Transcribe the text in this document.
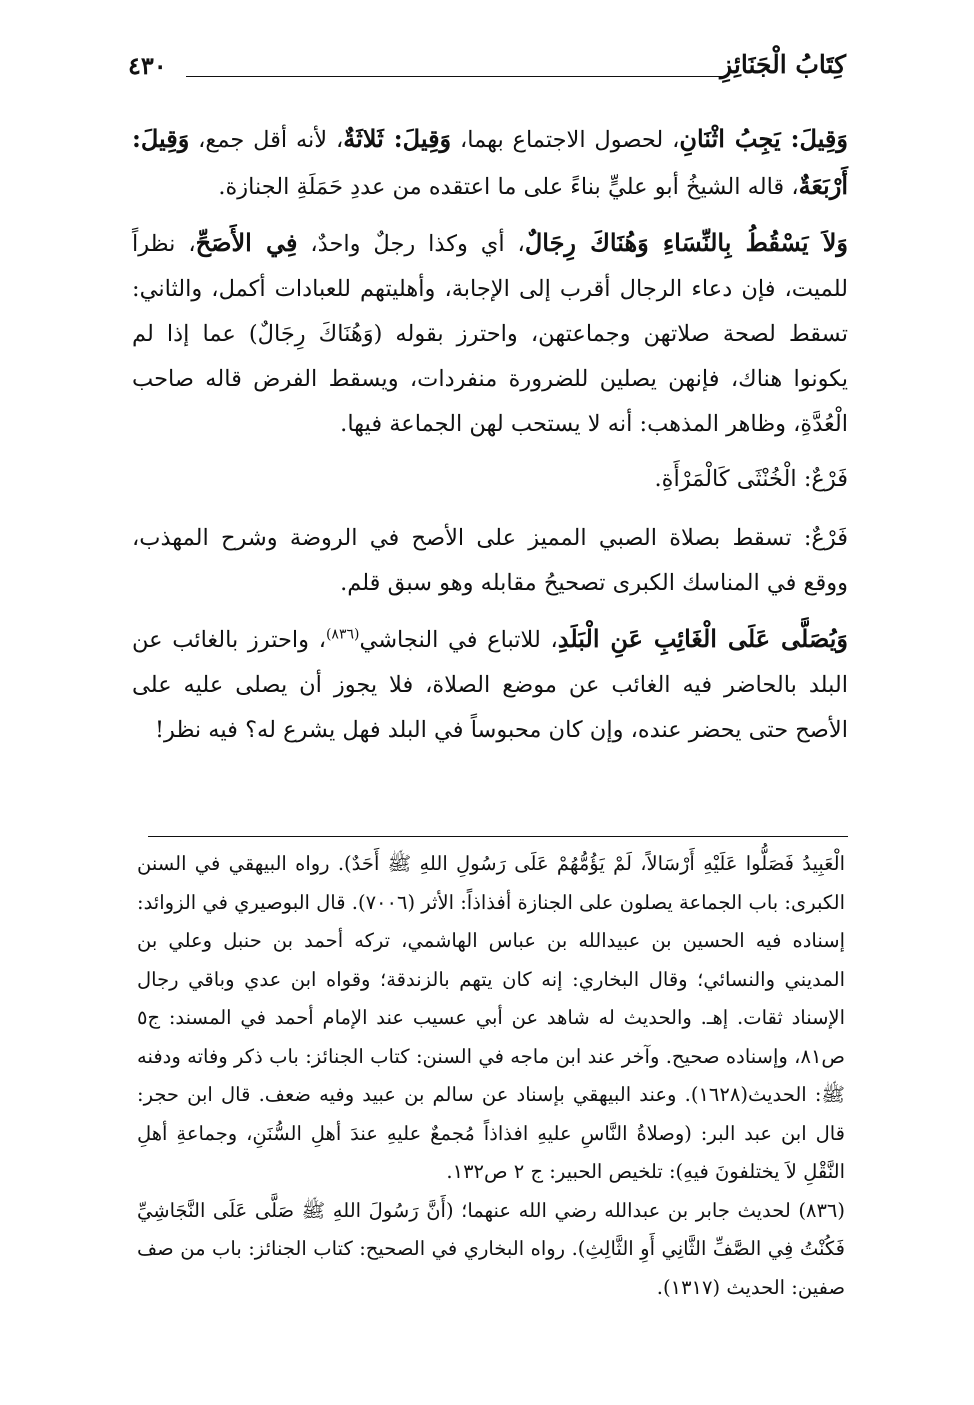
كِتَابُ الْجَنَائِزِ
٤٣٠

وَقِيلَ: يَجِبُ اثْنَانِ، لحصول الاجتماع بهما، وَقِيلَ: ثَلاثَةٌ، لأنه أقل جمع، وَقِيلَ: أَرْبَعَةٌ، قاله الشيخُ أبو عليٍّ بناءً على ما اعتقده من عددِ حَمَلَةِ الجنازة.

وَلاَ يَسْقُطُ بِالنِّسَاءِ وَهُنَاكَ رِجَالٌ، أي وكذا رجلٌ واحدٌ، فِي الأَصَحِّ، نظراً للميت، فإن دعاء الرجال أقرب إلى الإجابة، وأهليتهم للعبادات أكمل، والثاني: تسقط لصحة صلاتهن وجماعتهن، واحترز بقوله (وَهُنَاكَ رِجَالٌ) عما إذا لم يكونوا هناك، فإنهن يصلين للضرورة منفردات، ويسقط الفرض قاله صاحب الْعُدَّةِ، وظاهر المذهب: أنه لا يستحب لهن الجماعة فيها.

فَرْعٌ: الْخُنْثَى كَالْمَرْأَةِ.

فَرْعٌ: تسقط بصلاة الصبي المميز على الأصح في الروضة وشرح المهذب، ووقع في المناسك الكبرى تصحيحُ مقابله وهو سبق قلم.

وَيُصَلَّى عَلَى الْغَائِبِ عَنِ الْبَلَدِ، للاتباع في النجاشي$^{(٨٣٦)}$، واحترز بالغائب عن البلد بالحاضر فيه الغائب عن موضع الصلاة، فلا يجوز أن يصلى عليه على الأصح حتى يحضر عنده، وإن كان محبوساً في البلد فهل يشرع له؟ فيه نظر!

الْعَبِيدُ فَصَلُّوا عَلَيْهِ أَرْسَالاً، لَمْ يَؤُمُّهُمْ عَلَى رَسُولِ اللهِ ﷺ أَحَدٌ). رواه البيهقي في السنن الكبرى: باب الجماعة يصلون على الجنازة أفذاذاً: الأثر (٧٠٠٦). قال البوصيري في الزوائد: إسناده فيه الحسين بن عبيدالله بن عباس الهاشمي، تركه أحمد بن حنبل وعلي بن المديني والنسائي؛ وقال البخاري: إنه كان يتهم بالزندقة؛ وقواه ابن عدي وباقي رجال الإسناد ثقات. إهـ. والحديث له شاهد عن أبي عسيب عند الإمام أحمد في المسند: ج٥ ص٨١، وإسناده صحيح. وآخر عند ابن ماجه في السنن: كتاب الجنائز: باب ذكر وفاته ودفنه ﷺ: الحديث(١٦٢٨). وعند البيهقي بإسناد عن سالم بن عبيد وفيه ضعف. قال ابن حجر: قال ابن عبد البر: (وصلاةُ النَّاسِ عليهِ افذاذاً مُجمعٌ عليهِ عندَ أهلِ السُّنَنِ، وجماعةِ أهلِ النَّقْلِ لاَ يختلفونَ فيهِ): تلخيص الحبير: ج ٢ ص١٣٢.

(٨٣٦) لحديث جابر بن عبدالله رضي الله عنهما؛ (أَنَّ رَسُولَ اللهِ ﷺ صَلَّى عَلَى النَّجَاشِيِّ فَكُنْتُ فِي الصَّفِّ الثَّانِي أَوِ الثَّالِثِ). رواه البخاري في الصحيح: كتاب الجنائز: باب من صف صفين: الحديث (١٣١٧).
